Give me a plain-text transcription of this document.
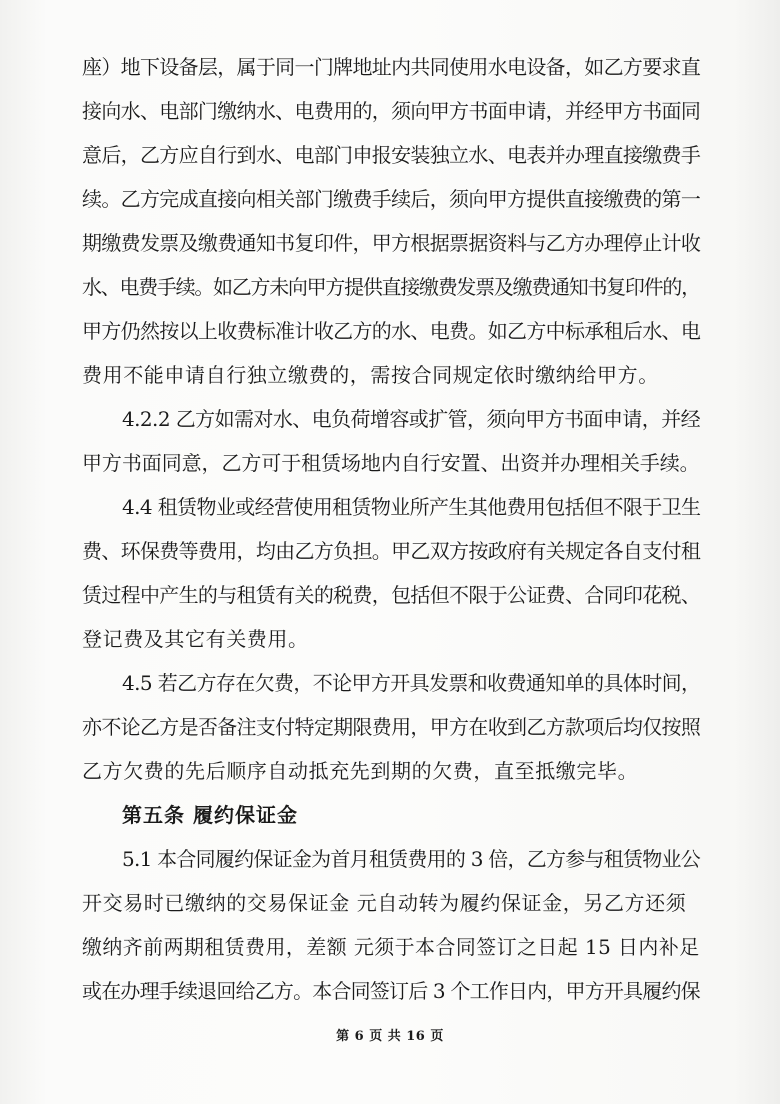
座）地下设备层，属于同一门牌地址内共同使用水电设备，如乙方要求直
接向水、电部门缴纳水、电费用的，须向甲方书面申请，并经甲方书面同
意后，乙方应自行到水、电部门申报安装独立水、电表并办理直接缴费手
续。乙方完成直接向相关部门缴费手续后，须向甲方提供直接缴费的第一
期缴费发票及缴费通知书复印件，甲方根据票据资料与乙方办理停止计收
水、电费手续。如乙方未向甲方提供直接缴费发票及缴费通知书复印件的，
甲方仍然按以上收费标准计收乙方的水、电费。如乙方中标承租后水、电
费用不能申请自行独立缴费的，需按合同规定依时缴纳给甲方。
4.2.2 乙方如需对水、电负荷增容或扩管，须向甲方书面申请，并经
甲方书面同意，乙方可于租赁场地内自行安置、出资并办理相关手续。
4.4 租赁物业或经营使用租赁物业所产生其他费用包括但不限于卫生
费、环保费等费用，均由乙方负担。甲乙双方按政府有关规定各自支付租
赁过程中产生的与租赁有关的税费，包括但不限于公证费、合同印花税、
登记费及其它有关费用。
4.5 若乙方存在欠费，不论甲方开具发票和收费通知单的具体时间，
亦不论乙方是否备注支付特定期限费用，甲方在收到乙方款项后均仅按照
乙方欠费的先后顺序自动抵充先到期的欠费，直至抵缴完毕。
第五条 履约保证金
5.1 本合同履约保证金为首月租赁费用的 3 倍，乙方参与租赁物业公
开交易时已缴纳的交易保证金 元自动转为履约保证金，另乙方还须
缴纳齐前两期租赁费用，差额 元须于本合同签订之日起 15 日内补足
或在办理手续退回给乙方。本合同签订后 3 个工作日内，甲方开具履约保
第 6 页 共 16 页
